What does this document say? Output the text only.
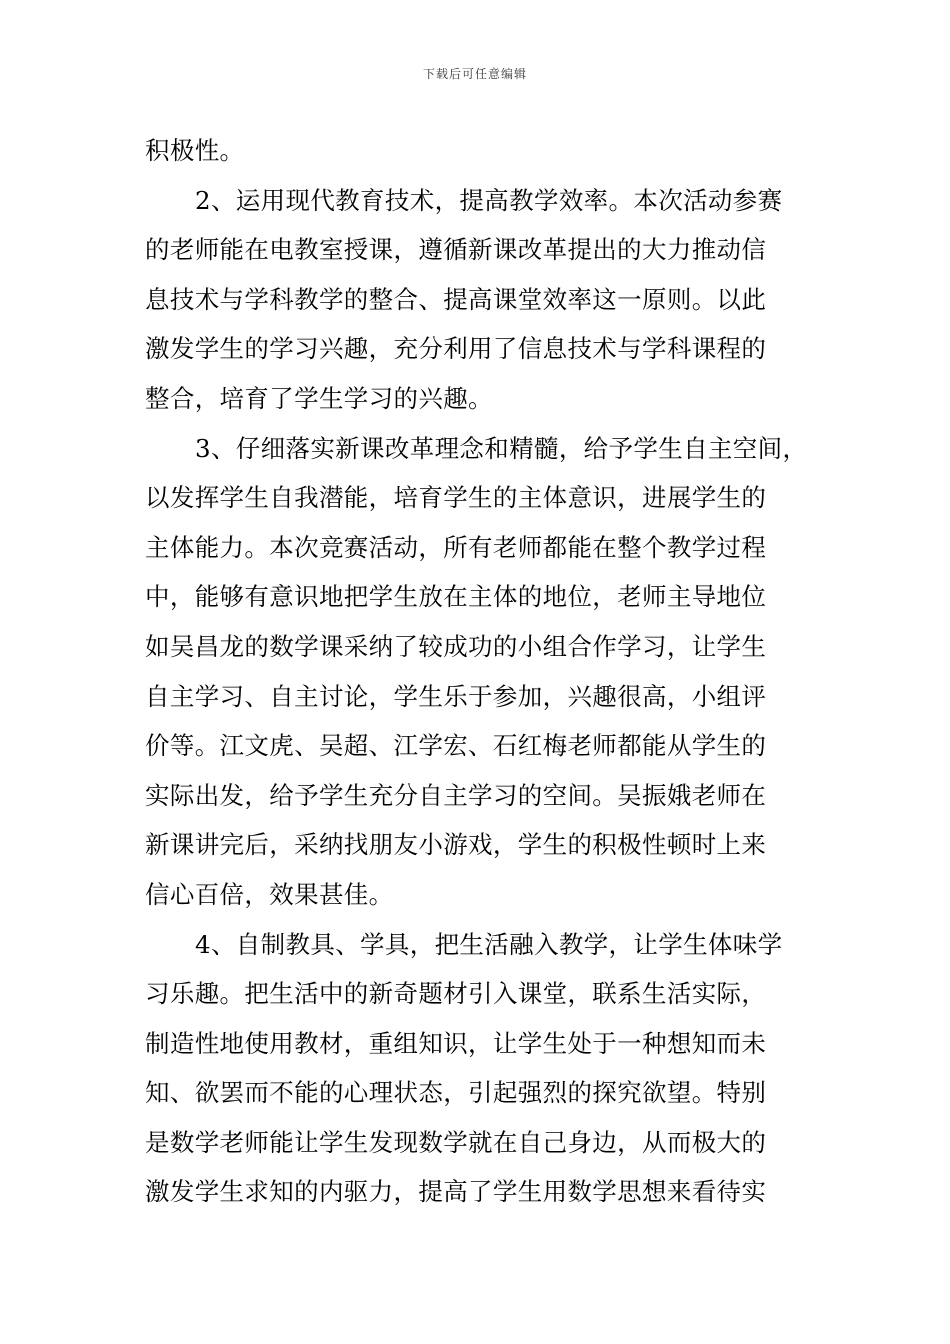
下载后可任意编辑
积极性。
2、运用现代教育技术，提高教学效率。本次活动参赛
的老师能在电教室授课，遵循新课改革提出的大力推动信
息技术与学科教学的整合、提高课堂效率这一原则。以此
激发学生的学习兴趣，充分利用了信息技术与学科课程的
整合，培育了学生学习的兴趣。
3、仔细落实新课改革理念和精髓，给予学生自主空间，
以发挥学生自我潜能，培育学生的主体意识，进展学生的
主体能力。本次竞赛活动，所有老师都能在整个教学过程
中，能够有意识地把学生放在主体的地位，老师主导地位
如吴昌龙的数学课采纳了较成功的小组合作学习，让学生
自主学习、自主讨论，学生乐于参加，兴趣很高，小组评
价等。江文虎、吴超、江学宏、石红梅老师都能从学生的
实际出发，给予学生充分自主学习的空间。吴振娥老师在
新课讲完后，采纳找朋友小游戏，学生的积极性顿时上来
信心百倍，效果甚佳。
4、自制教具、学具，把生活融入教学，让学生体味学
习乐趣。把生活中的新奇题材引入课堂，联系生活实际，
制造性地使用教材，重组知识，让学生处于一种想知而未
知、欲罢而不能的心理状态，引起强烈的探究欲望。特别
是数学老师能让学生发现数学就在自己身边，从而极大的
激发学生求知的内驱力，提高了学生用数学思想来看待实
